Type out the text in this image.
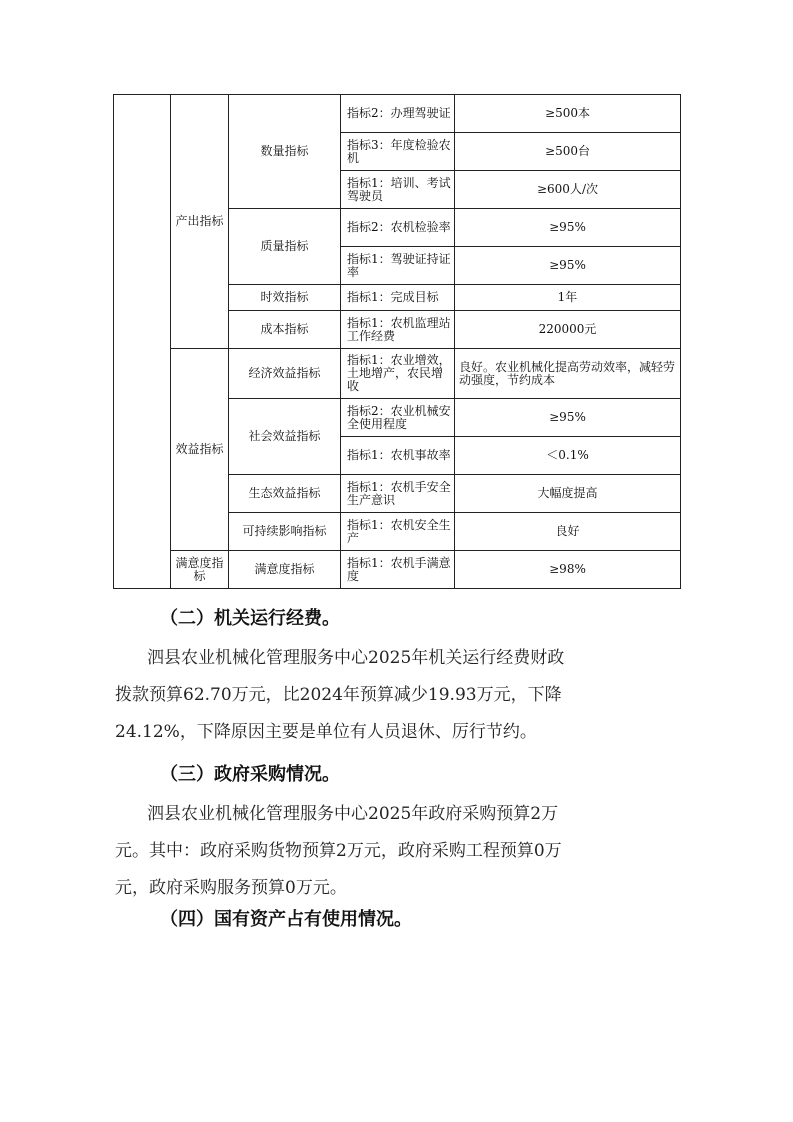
	产出指标	数量指标	指标2：办理驾驶证	≥500本
			指标3：年度检验农机	≥500台
			指标1：培训、考试驾驶员	≥600人/次
		质量指标	指标2：农机检验率	≥95%
			指标1：驾驶证持证率	≥95%
		时效指标	指标1：完成目标	1年
		成本指标	指标1：农机监理站工作经费	220000元
	效益指标	经济效益指标	指标1：农业增效，土地增产，农民增收	良好。农业机械化提高劳动效率，减轻劳动强度，节约成本
		社会效益指标	指标2：农业机械安全使用程度	≥95%
			指标1：农机事故率	＜0.1%
		生态效益指标	指标1：农机手安全生产意识	大幅度提高
		可持续影响指标	指标1：农机安全生产	良好
	满意度指标	满意度指标	指标1：农机手满意度	≥98%
（二）机关运行经费。
泗县农业机械化管理服务中心2025年机关运行经费财政
拨款预算62.70万元，比2024年预算减少19.93万元，下降
24.12%，下降原因主要是单位有人员退休、厉行节约。
（三）政府采购情况。
泗县农业机械化管理服务中心2025年政府采购预算2万
元。其中：政府采购货物预算2万元，政府采购工程预算0万
元，政府采购服务预算0万元。
（四）国有资产占有使用情况。
